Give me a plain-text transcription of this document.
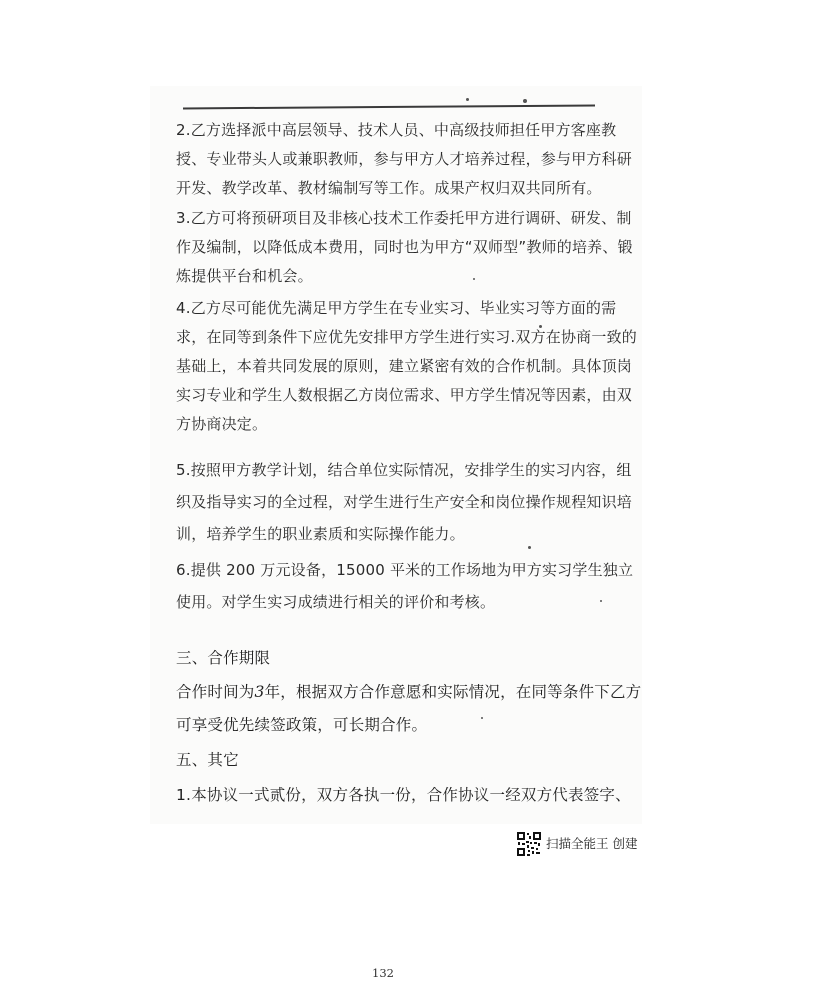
2.乙方选择派中高层领导、技术人员、中高级技师担任甲方客座教授、专业带头人或兼职教师，参与甲方人才培养过程，参与甲方科研开发、教学改革、教材编制写等工作。成果产权归双共同所有。

3.乙方可将预研项目及非核心技术工作委托甲方进行调研、研发、制作及编制，以降低成本费用，同时也为甲方“双师型”教师的培养、锻炼提供平台和机会。

4.乙方尽可能优先满足甲方学生在专业实习、毕业实习等方面的需求，在同等到条件下应优先安排甲方学生进行实习.双方在协商一致的基础上，本着共同发展的原则，建立紧密有效的合作机制。具体顶岗实习专业和学生人数根据乙方岗位需求、甲方学生情况等因素，由双方协商决定。

5.按照甲方教学计划，结合单位实际情况，安排学生的实习内容，组织及指导实习的全过程，对学生进行生产安全和岗位操作规程知识培训，培养学生的职业素质和实际操作能力。

6.提供 200 万元设备，15000 平米的工作场地为甲方实习学生独立使用。对学生实习成绩进行相关的评价和考核。

三、合作期限

合作时间为3年，根据双方合作意愿和实际情况，在同等条件下乙方可享受优先续签政策，可长期合作。

五、其它

1.本协议一式贰份，双方各执一份，合作协议一经双方代表签字、

扫描全能王 创建
132
